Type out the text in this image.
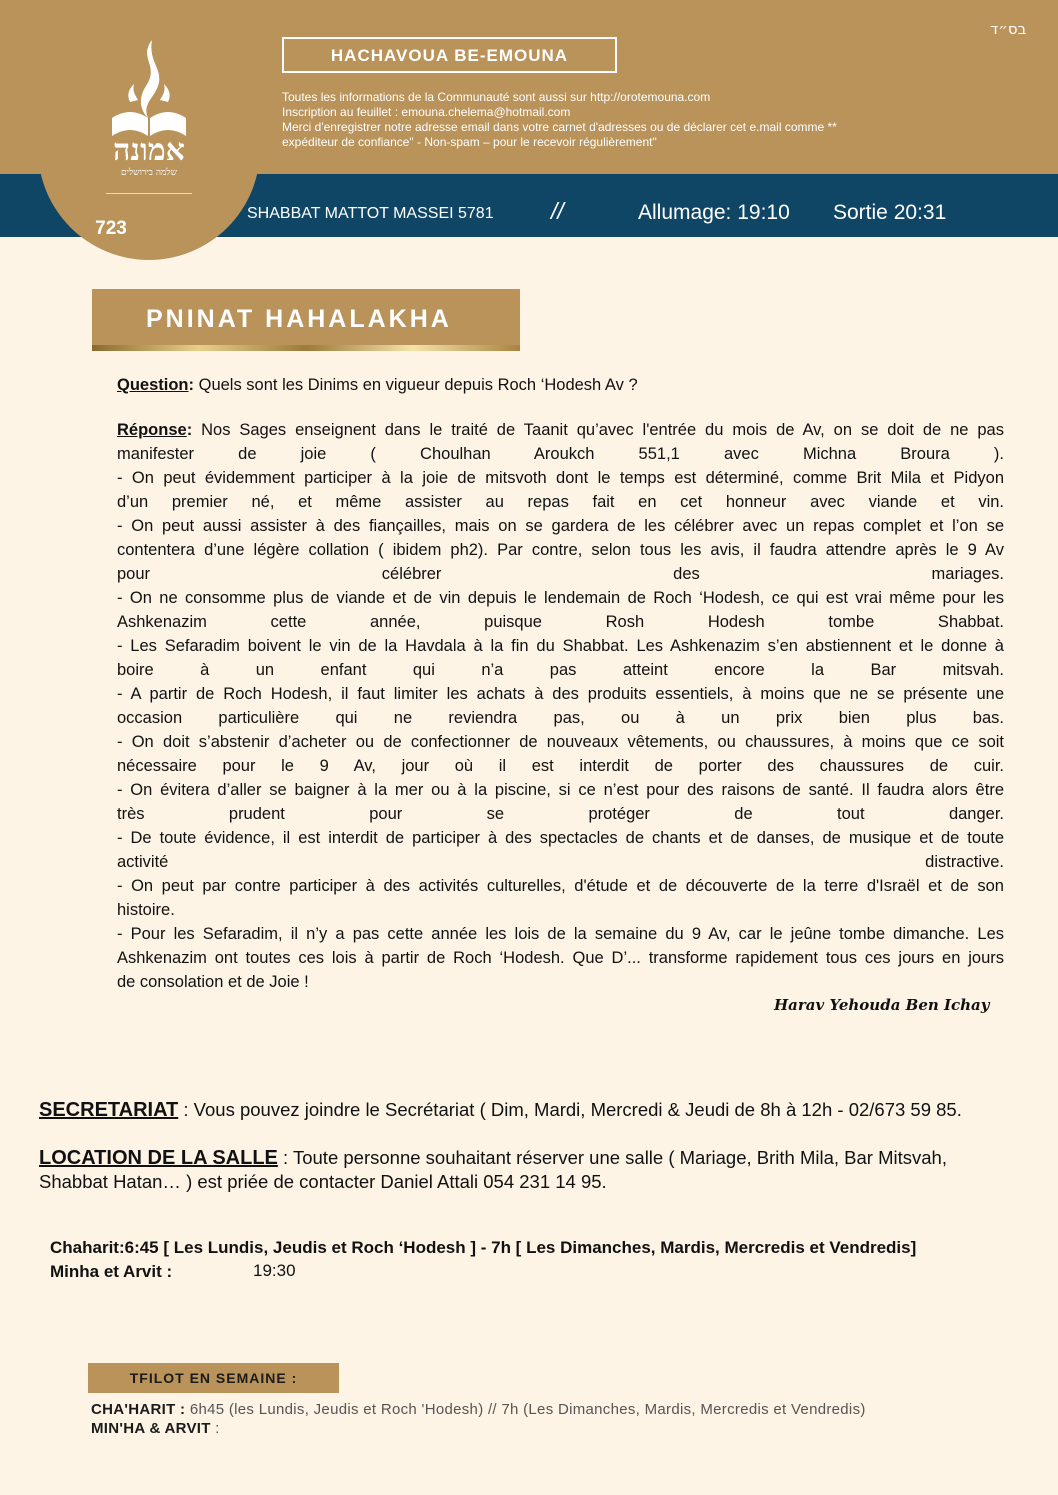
אמונה
שלמה בירושלים
723
בס״ד
HACHAVOUA BE-EMOUNA
Toutes les informations de la Communauté sont aussi sur http://orotemouna.com
Inscription au feuillet : emouna.chelema@hotmail.com
Merci d'enregistrer notre adresse email dans votre carnet d'adresses ou de déclarer cet e.mail comme **
expéditeur de confiance" - Non-spam – pour le recevoir régulièrement"
SHABBAT MATTOT MASSEI 5781 //	Allumage: 19:10 Sortie 20:31
PNINAT HAHALAKHA
Question: Quels sont les Dinims en vigueur depuis Roch ‘Hodesh Av ?
Réponse: Nos Sages enseignent dans le traité de Taanit qu’avec l'entrée du mois de Av, on se doit de ne pas
manifester de joie ( Choulhan Aroukch 551,1 avec Michna Broura ).
- On peut évidemment participer à la joie de mitsvoth dont le temps est déterminé, comme Brit Mila et Pidyon
d’un premier né, et même assister au repas fait en cet honneur avec viande et vin.
- On peut aussi assister à des fiançailles, mais on se gardera de les célébrer avec un repas complet et l’on se
contentera d’une légère collation ( ibidem ph2). Par contre, selon tous les avis, il faudra attendre après le 9 Av
pour célébrer des mariages.
- On ne consomme plus de viande et de vin depuis le lendemain de Roch ‘Hodesh, ce qui est vrai même pour les
Ashkenazim cette année, puisque Rosh Hodesh tombe Shabbat.
- Les Sefaradim boivent le vin de la Havdala à la fin du Shabbat. Les Ashkenazim s’en abstiennent et le donne à
boire à un enfant qui n’a pas atteint encore la Bar mitsvah.
- A partir de Roch Hodesh, il faut limiter les achats à des produits essentiels, à moins que ne se présente une
occasion particulière qui ne reviendra pas, ou à un prix bien plus bas.
- On doit s’abstenir d’acheter ou de confectionner de nouveaux vêtements, ou chaussures, à moins que ce soit
nécessaire pour le 9 Av, jour où il est interdit de porter des chaussures de cuir.
- On évitera d’aller se baigner à la mer ou à la piscine, si ce n’est pour des raisons de santé. Il faudra alors être
très prudent pour se protéger de tout danger.
- De toute évidence, il est interdit de participer à des spectacles de chants et de danses, de musique et de toute
activité distractive.
- On peut par contre participer à des activités culturelles, d'étude et de découverte de la terre d'Israël et de son
histoire.
- Pour les Sefaradim, il n’y a pas cette année les lois de la semaine du 9 Av, car le jeûne tombe dimanche. Les
Ashkenazim ont toutes ces lois à partir de Roch ‘Hodesh. Que D’... transforme rapidement tous ces jours en jours
de consolation et de Joie !
Harav Yehouda Ben Ichay
SECRETARIAT : Vous pouvez joindre le Secrétariat ( Dim, Mardi, Mercredi & Jeudi de 8h à 12h - 02/673 59 85.
LOCATION DE LA SALLE : Toute personne souhaitant réserver une salle ( Mariage, Brith Mila, Bar Mitsvah, Shabbat Hatan… ) est priée de contacter Daniel Attali 054 231 14 95.
Chaharit:6:45 [ Les Lundis, Jeudis et Roch ‘Hodesh ] - 7h [ Les Dimanches, Mardis, Mercredis et Vendredis]
Minha et Arvit :	19:30
TFILOT EN SEMAINE :
CHA'HARIT : 6h45 (les Lundis, Jeudis et Roch 'Hodesh) // 7h (Les Dimanches, Mardis, Mercredis et Vendredis)
MIN'HA & ARVIT :
